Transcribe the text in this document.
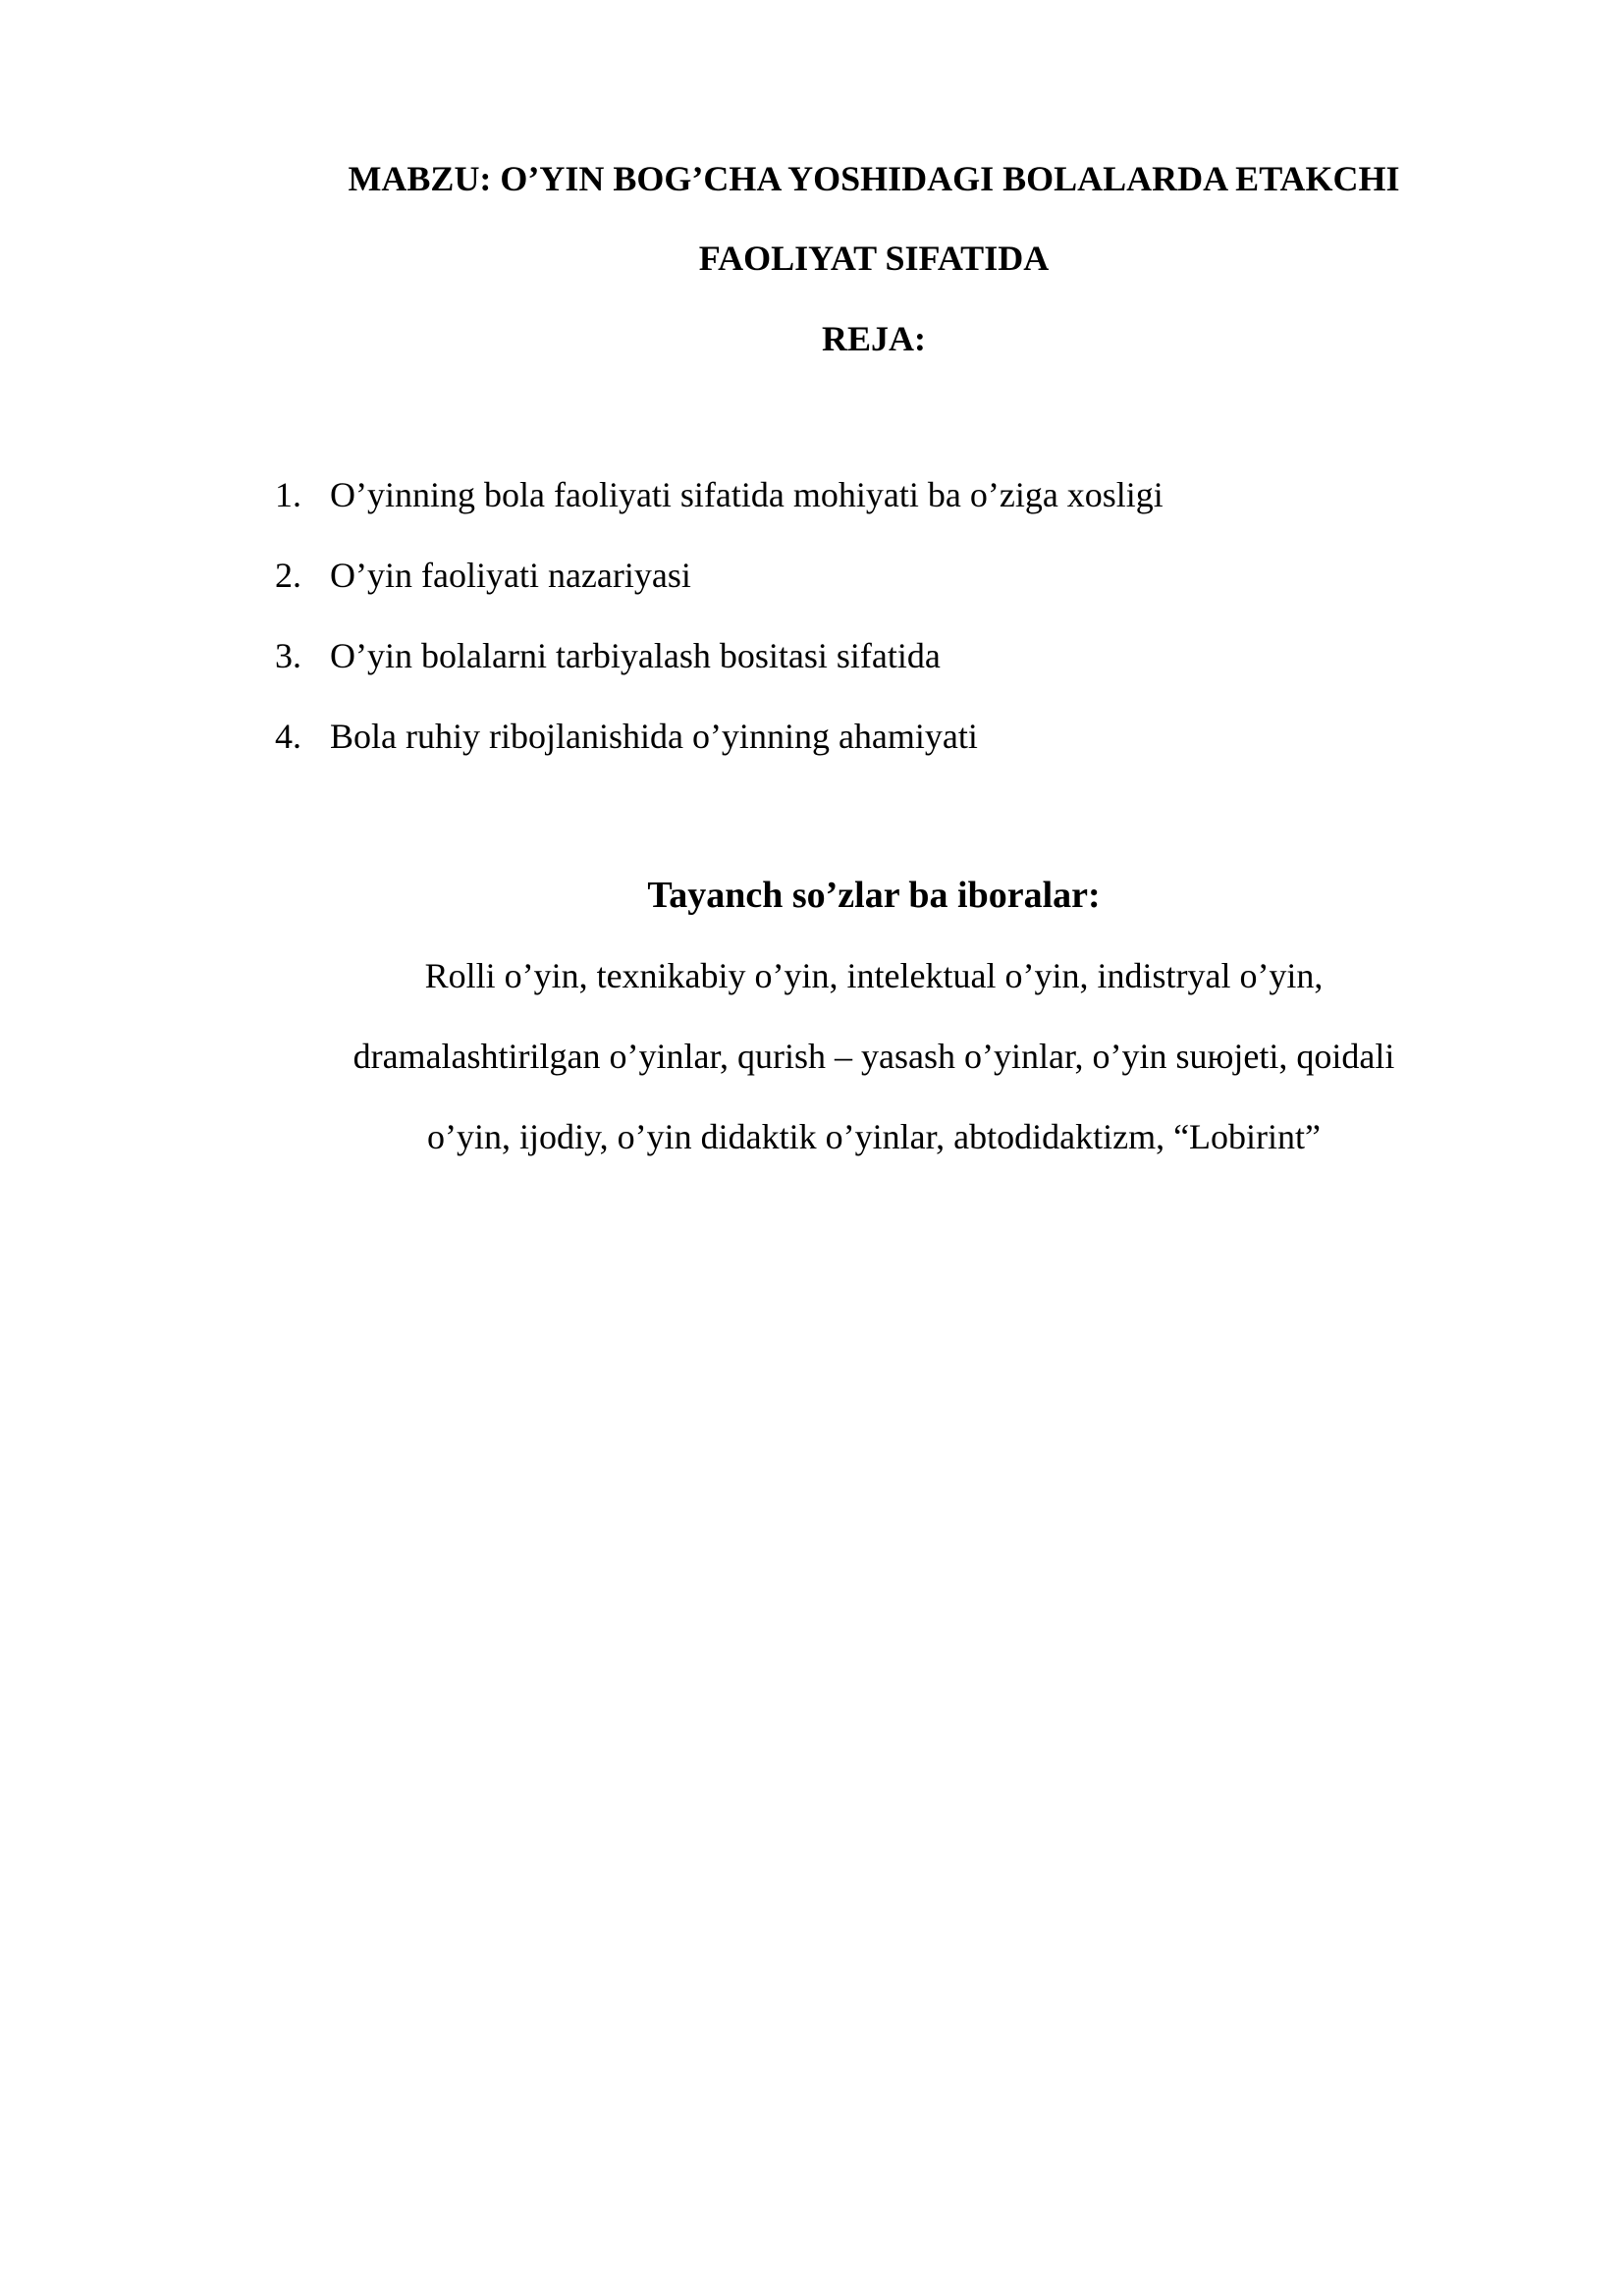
MABZU: O’YIN BOG’CHA YOSHIDAGI BOLALARDA ETAKCHI
FAOLIYAT SIFATIDA
REJA:
1. O’yinning bola faoliyati sifatida mohiyati ba o’ziga xosligi
2. O’yin faoliyati nazariyasi
3. O’yin bolalarni tarbiyalash bositasi sifatida
4. Bola ruhiy ribojlanishida o’yinning ahamiyati
Tayanch so’zlar ba iboralar:
Rolli o’yin, texnikabiy o’yin, intelektual o’yin, indistryal o’yin,
dramalashtirilgan o’yinlar, qurish – yasash o’yinlar, o’yin suюjeti, qoidali
o’yin, ijodiy, o’yin didaktik o’yinlar, abtodidaktizm, “Lobirint”
